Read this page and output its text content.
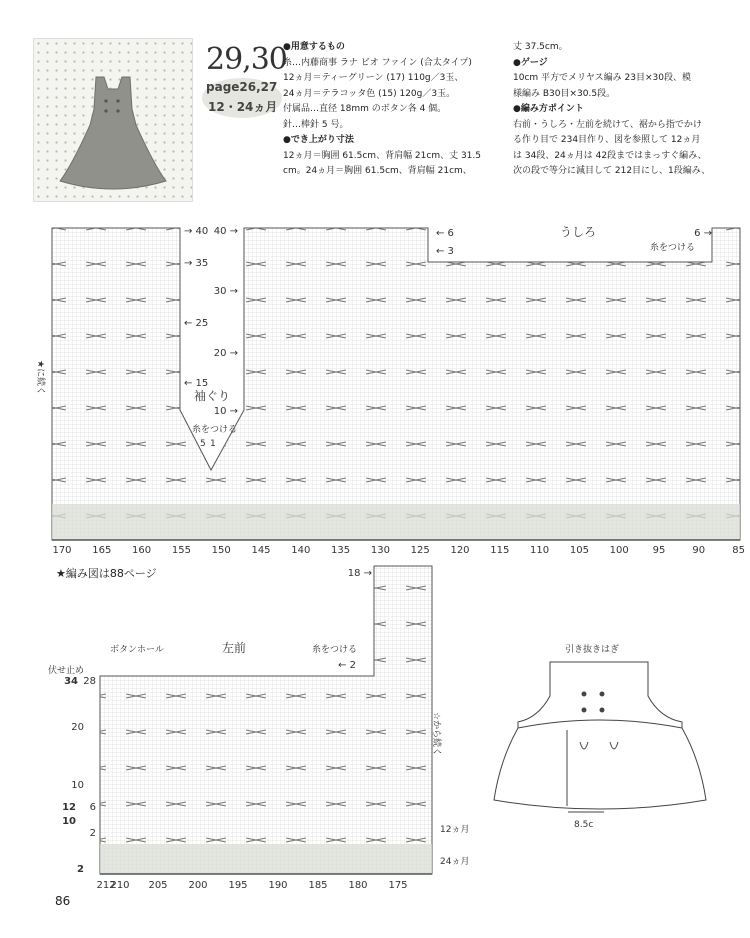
29,30
page26,27
12・24ヵ月

●用意するもの

糸…内藤商事 ラナ ビオ ファイン (合太タイプ)

12ヵ月＝ティーグリーン (17) 110g／3玉、

24ヵ月＝テラコッタ色 (15) 120g／3玉。

付属品…直径 18mm のボタン各 4 個。

針…棒針 5 号。

●でき上がり寸法

12ヵ月＝胸囲 61.5cm、背肩幅 21cm、丈 31.5

cm。24ヵ月＝胸囲 61.5cm、背肩幅 21cm、

丈 37.5cm。

●ゲージ

10cm 平方でメリヤス編み 23目×30段、模

様編み B30目×30.5段。

●編み方ポイント

右前・うしろ・左前を続けて、裾から指でかけ

る作り目で 234目作り、図を参照して 12ヵ月

は 34段、24ヵ月は 42段まではまっすぐ編み、

次の段で等分に減目して 212目にし、1段編み、

170 165 160 155 150 145 140 135 130 125 120 115 110 105 100 95	90	85
→ 40
→ 35
← 25
← 15
40 →
30 →
20 →
10 →
← 6
← 3
6 →
うしろ
袖ぐり
糸をつける
糸をつける
5 1
★に続く
212
210 205 200 195 190 185 180 175
左前
ボタンホール
伏せ止め
糸をつける
18 →
← 2
34 28
20
10
12 6
10
2
2
12ヵ月
24ヵ月
☆から続く
引き抜きはぎ
8.5c
★編み図は88ページ
86
